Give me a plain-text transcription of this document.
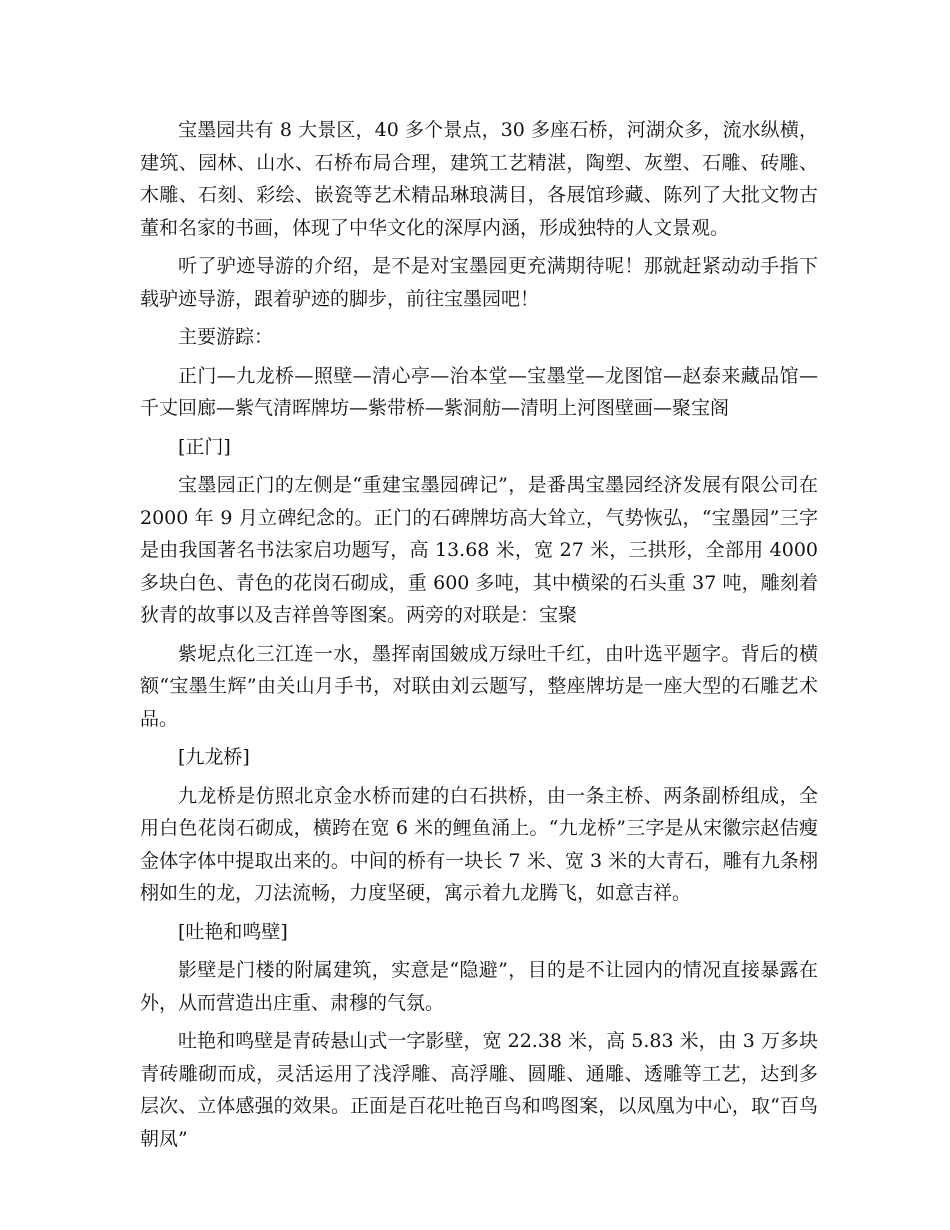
宝墨园共有 8 大景区，40 多个景点，30 多座石桥，河湖众多，流水纵横，建筑、园林、山水、石桥布局合理，建筑工艺精湛，陶塑、灰塑、石雕、砖雕、木雕、石刻、彩绘、嵌瓷等艺术精品琳琅满目，各展馆珍藏、陈列了大批文物古董和名家的书画，体现了中华文化的深厚内涵，形成独特的人文景观。

听了驴迹导游的介绍，是不是对宝墨园更充满期待呢！那就赶紧动动手指下载驴迹导游，跟着驴迹的脚步，前往宝墨园吧！

主要游踪：

正门—九龙桥—照壁—清心亭—治本堂—宝墨堂—龙图馆—赵泰来藏品馆—千丈回廊—紫气清晖牌坊—紫带桥—紫洞舫—清明上河图壁画—聚宝阁

[正门]

宝墨园正门的左侧是“重建宝墨园碑记”，是番禺宝墨园经济发展有限公司在 2000 年 9 月立碑纪念的。正门的石碑牌坊高大耸立，气势恢弘，“宝墨园”三字是由我国著名书法家启功题写，高 13.68 米，宽 27 米，三拱形，全部用 4000 多块白色、青色的花岗石砌成，重 600 多吨，其中横梁的石头重 37 吨，雕刻着狄青的故事以及吉祥兽等图案。两旁的对联是：宝聚

紫坭点化三江连一水，墨挥南国皴成万绿吐千红，由叶选平题字。背后的横额“宝墨生辉”由关山月手书，对联由刘云题写，整座牌坊是一座大型的石雕艺术品。

[九龙桥]

九龙桥是仿照北京金水桥而建的白石拱桥，由一条主桥、两条副桥组成，全用白色花岗石砌成，横跨在宽 6 米的鲤鱼涌上。“九龙桥”三字是从宋徽宗赵佶瘦金体字体中提取出来的。中间的桥有一块长 7 米、宽 3 米的大青石，雕有九条栩栩如生的龙，刀法流畅，力度坚硬，寓示着九龙腾飞，如意吉祥。

[吐艳和鸣壁]

影壁是门楼的附属建筑，实意是“隐避”，目的是不让园内的情况直接暴露在外，从而营造出庄重、肃穆的气氛。

吐艳和鸣壁是青砖悬山式一字影壁，宽 22.38 米，高 5.83 米，由 3 万多块青砖雕砌而成，灵活运用了浅浮雕、高浮雕、圆雕、通雕、透雕等工艺，达到多层次、立体感强的效果。正面是百花吐艳百鸟和鸣图案，以凤凰为中心，取“百鸟朝凤”
